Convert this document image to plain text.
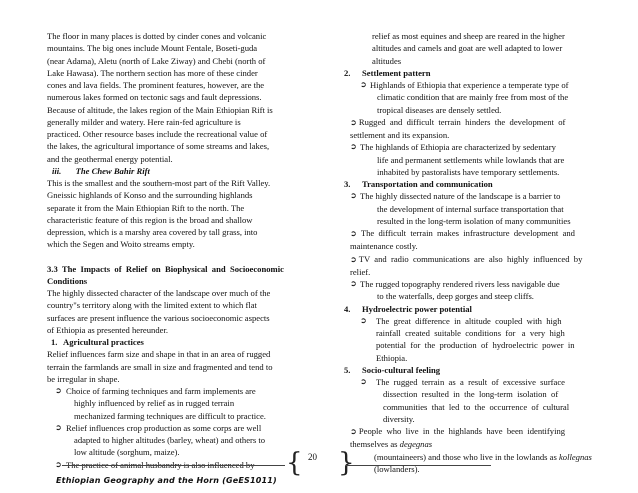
The floor in many places is dotted by cinder cones and volcanic

mountains. The big ones include Mount Fentale, Boseti-guda

(near Adama), Aletu (north of Lake Ziway) and Chebi (north of

Lake Hawasa). The northern section has more of these cinder

cones and lava fields. The prominent features, however, are the

numerous lakes formed on tectonic sags and fault depressions.

Because of altitude, the lakes region of the Main Ethiopian Rift is

generally milder and watery. Here rain-fed agriculture is

practiced. Other resource bases include the recreational value of

the lakes, the agricultural importance of some streams and lakes,

and the geothermal energy potential.

iii. The Chew Bahir Rift

This is the smallest and the southern-most part of the Rift Valley.

Gneissic highlands of Konso and the surrounding highlands

separate it from the Main Ethiopian Rift to the north. The

characteristic feature of this region is the broad and shallow

depression, which is a marshy area covered by tall grass, into

which the Segen and Woito streams empty.

3.3  The  Impacts  of  Relief  on  Biophysical  and  Socioeconomic

Conditions

The highly dissected character of the landscape over much of the

country"s territory along with the limited extent to which flat

surfaces are present influence the various socioeconomic aspects

of Ethiopia as presented hereunder.

1. Agricultural practices

Relief influences farm size and shape in that in an area of rugged

terrain the farmlands are small in size and fragmented and tend to

be irregular in shape.

➲ Choice of farming techniques and farm implements are

highly influenced by relief as in rugged terrain

mechanized farming techniques are difficult to practice.

➲ Relief influences crop production as some corps are well

adapted to higher altitudes (barley, wheat) and others to

low altitude (sorghum, maize).

➲ The practice of animal husbandry is also influenced by

relief as most equines and sheep are reared in the higher

altitudes and camels and goat are well adapted to lower

altitudes

2.	Settlement pattern

➲ Highlands of Ethiopia that experience a temperate type of

climatic condition that are mainly free from most of the

tropical diseases are densely settled.

➲ Rugged  and  difficult  terrain  hinders  the  development  of

settlement and its expansion.

➲ The highlands of Ethiopia are characterized by sedentary

life and permanent settlements while lowlands that are

inhabited by pastoralists have temporary settlements.

3.	Transportation and communication

➲ The highly dissected nature of the landscape is a barrier to

the development of internal surface transportation that

resulted in the long-term isolation of many communities

➲  The  difficult  terrain  makes  infrastructure  development  and

maintenance costly.

➲ TV  and  radio  communications  are  also  highly  influenced  by

relief.

➲ The rugged topography rendered rivers less navigable due

to the waterfalls, deep gorges and steep cliffs.

4.	Hydroelectric power potential

➲	The  great  difference  in  altitude  coupled  with  high

rainfall  created  suitable  conditions  for   a  very  high

potential  for  the  production  of  hydroelectric  power  in

Ethiopia.

5.	Socio-cultural feeling

➲	The  rugged  terrain  as  a  result  of  excessive  surface

dissection  resulted  in  the  long-term  isolation  of

communities  that  led  to  the  occurrence  of  cultural

diversity.

➲ People  who  live  in  the  highlands  have  been  identifying

themselves as degegnas

(mountaineers) and those who live in the lowlands as kollegnas

(lowlanders).

{ 20 }
Ethiopian Geography and the Horn (GeES1011)
